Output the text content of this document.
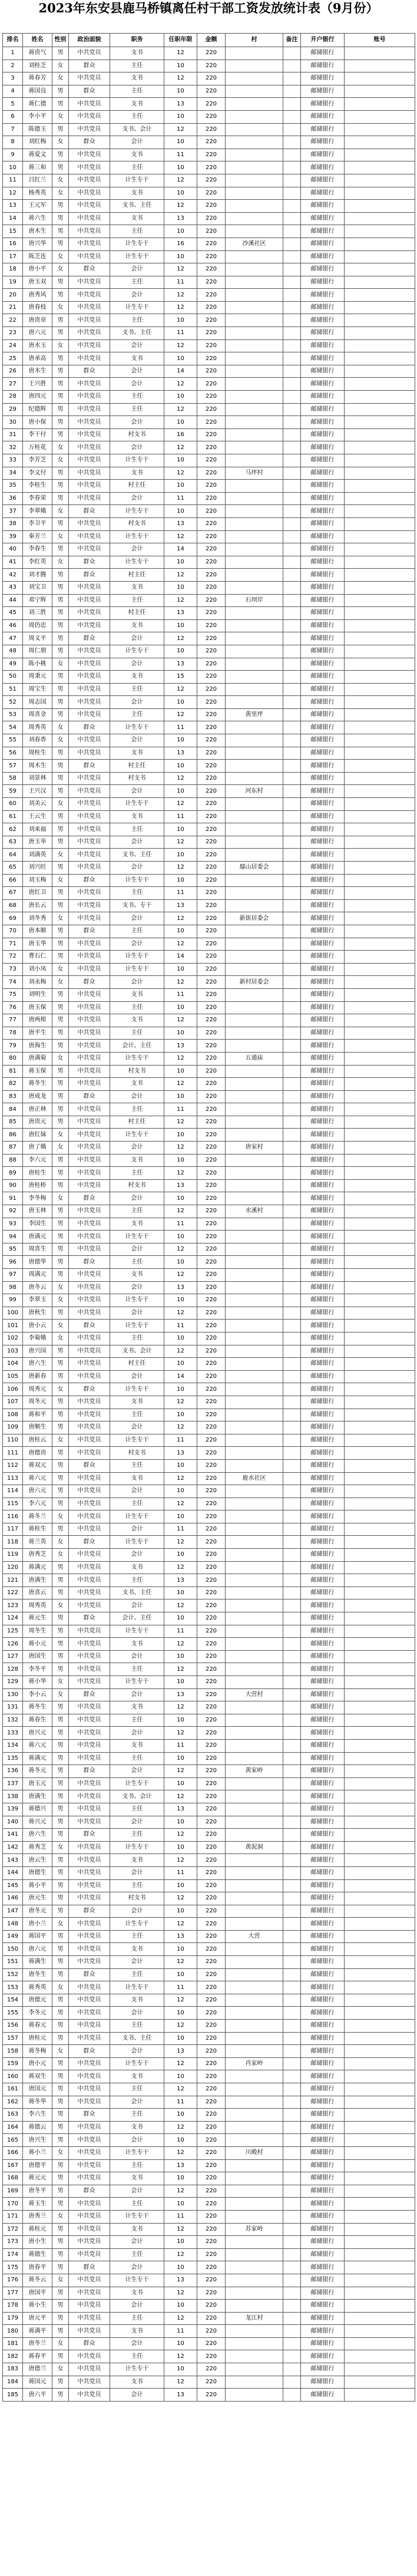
2023年东安县鹿马桥镇离任村干部工资发放统计表（9月份）
排名	姓名	性别	政治面貌	职务	任职年限	金额	村	备注	开户银行	账号
1	蒋贵气	男	中共党员	支书	12	220			邮储银行	
2	刘桂芝	女	群众	主任	10	220			邮储银行	
3	蒋春芳	女	中共党员	支书	12	220			邮储银行	
4	蒋国良	男	群众	主任	10	220			邮储银行	
5	蒋仁德	男	中共党员	支书	13	220			邮储银行	
6	李小平	女	中共党员	主任	10	220			邮储银行	
7	陈德玉	男	中共党员	支书、会计	12	220			邮储银行	
8	刘红梅	女	群众	会计	10	220			邮储银行	
9	蒋爱文	男	中共党员	支书	11	220			邮储银行	
10	蒋三和	男	中共党员	主任	10	220			邮储银行	
11	吕红兰	女	中共党员	计生专干	12	220			邮储银行	
12	杨秀英	女	中共党员	支书	10	220			邮储银行	
13	王元军	男	中共党员	支书、主任	12	220			邮储银行	
14	蒋六生	男	中共党员	支书	13	220			邮储银行	
15	唐木生	男	中共党员	主任	10	220			邮储银行	
16	唐兴华	男	中共党员	计生专干	16	220	沙溪社区		邮储银行	
17	陈芝连	女	中共党员	计生专干	10	220			邮储银行	
18	唐小平	女	群众	会计	12	220			邮储银行	
19	唐玉双	男	中共党员	主任	11	220			邮储银行	
20	唐秀风	男	中共党员	会计	12	220			邮储银行	
21	唐春枝	女	中共党员	计生专干	12	220			邮储银行	
22	唐贵章	男	中共党员	主任	10	220			邮储银行	
23	唐六元	男	中共党员	支书、主任	11	220			邮储银行	
24	唐水玉	女	中共党员	会计	12	220			邮储银行	
25	唐承高	男	中共党员	支书	10	220			邮储银行	
26	唐木生	男	群众	会计	14	220			邮储银行	
27	王兴胜	男	中共党员	会计	12	220			邮储银行	
28	唐四元	男	中共党员	主任	10	220			邮储银行	
29	纪德辉	男	中共党员	主任	12	220			邮储银行	
30	唐小保	男	中共党员	会计	10	220			邮储银行	
31	李干付	男	中共党员	村支书	16	220			邮储银行	
32	万桂花	女	中共党员	会计	12	220			邮储银行	
33	李芳芝	女	中共党员	计生专干	10	220			邮储银行	
34	李文付	男	中共党员	支书	12	220	马坪村		邮储银行	
35	李桂生	男	中共党员	村主任	10	220			邮储银行	
36	李春荣	男	中共党员	会计	11	220			邮储银行	
37	李翠娥	女	群众	计生专干	10	220			邮储银行	
38	李卫平	男	中共党员	村支书	13	220			邮储银行	
39	秦芳兰	女	中共党员	计生专干	12	220			邮储银行	
40	李春生	男	中共党员	会计	14	220			邮储银行	
41	李红英	女	群众	计生专干	10	220			邮储银行	
42	刘才腾	男	群众	村主任	12	220			邮储银行	
43	刘宝卫	男	中共党员	支书	10	220			邮储银行	
44	邓宁辉	男	中共党员	主任	12	220	石坝岸		邮储银行	
45	刘三胜	男	中共党员	村主任	13	220			邮储银行	
46	周仍忠	男	中共党员	支书	10	220			邮储银行	
47	周义平	男	群众	会计	12	220			邮储银行	
48	周仁朋	男	中共党员	计生专干	10	220			邮储银行	
49	陈小桃	女	中共党员	会计	13	220			邮储银行	
50	周秉元	男	中共党员	支书	15	220			邮储银行	
51	周宝生	男	中共党员	主任	12	220			邮储银行	
52	周志国	男	中共党员	会计	10	220			邮储银行	
53	周喜金	男	中共党员	主任	12	220	黄里坪		邮储银行	
54	周秀英	女	群众	计生专干	11	220			邮储银行	
55	刘春香	女	中共党员	会计	10	220			邮储银行	
56	周桂生	男	中共党员	支书	13	220			邮储银行	
57	周木生	男	群众	村主任	10	220			邮储银行	
58	刘景林	男	中共党员	村支书	12	220			邮储银行	
59	王兴汉	男	中共党员	会计	10	220	河东村		邮储银行	
60	刘美云	女	中共党员	计生专干	12	220			邮储银行	
61	王云生	男	中共党员	支书	11	220			邮储银行	
62	刘来福	男	中共党员	主任	10	220			邮储银行	
63	唐玉举	男	中共党员	会计	12	220			邮储银行	
64	刘满英	女	中共党员	支书、主任	10	220			邮储银行	
65	刘兴旺	男	中共党员	会计	12	220	鄢山居委会		邮储银行	
66	刘玉梅	女	群众	计生专干	10	220			邮储银行	
67	唐红卫	男	中共党员	主任	11	220			邮储银行	
68	唐长云	男	中共党员	支书、专干	13	220			邮储银行	
69	刘冬秀	女	中共党员	会计	12	220	新街居委会		邮储银行	
70	唐本顺	男	群众	主任	10	220			邮储银行	
71	唐玉华	男	中共党员	会计	12	220			邮储银行	
72	曹石仁	男	中共党员	计生专干	14	220			邮储银行	
73	刘小凤	女	中共党员	计生专干	10	220			邮储银行	
74	刘永梅	女	群众	会计	12	220	新村居委会		邮储银行	
75	刘明生	男	中共党员	支书	11	220			邮储银行	
76	唐玉保	男	中共党员	主任	10	220			邮储银行	
77	唐两根	男	中共党员	支书	12	220			邮储银行	
78	唐平生	男	中共党员	主任	10	220			邮储银行	
79	唐海生	男	中共党员	会计、主任	13	220			邮储银行	
80	唐满菊	女	中共党员	计生专干	12	220	五通庙		邮储银行	
81	蒋玉保	男	中共党员	村支书	10	220			邮储银行	
82	蒋冬生	男	中共党员	支书	12	220			邮储银行	
83	唐成龙	男	群众	会计	10	220			邮储银行	
84	唐正林	男	中共党员	主任	11	220			邮储银行	
85	唐贵元	男	中共党员	村主任	12	220			邮储银行	
86	唐红妹	女	中共党员	计生专干	10	220			邮储银行	
87	唐了娥	女	中共党员	会计	12	220	唐家村		邮储银行	
88	李六元	男	中共党员	支书	10	220			邮储银行	
89	唐桂生	男	中共党员	主任	12	220			邮储银行	
90	唐桂桥	男	中共党员	村支书	13	220			邮储银行	
91	李冬梅	女	群众	会计	10	220			邮储银行	
92	唐玉林	男	中共党员	主任	12	220	水溪村		邮储银行	
93	李国生	男	中共党员	支书	11	220			邮储银行	
94	唐满元	男	中共党员	计生专干	10	220			邮储银行	
95	周喜生	男	中共党员	会计	12	220			邮储银行	
96	唐德华	男	群众	主任	10	220			邮储银行	
97	周满元	男	中共党员	支书	12	220			邮储银行	
98	唐冬云	女	中共党员	会计	13	220			邮储银行	
99	李翠玉	女	中共党员	计生专干	10	220			邮储银行	
100	唐秋生	男	中共党员	会计	12	220			邮储银行	
101	唐小云	女	群众	计生专干	11	220			邮储银行	
102	李菊娥	女	中共党员	主任	10	220			邮储银行	
103	唐兴国	男	中共党员	支书、会计	12	220			邮储银行	
104	唐六生	男	中共党员	村主任	10	220			邮储银行	
105	唐新春	男	中共党员	会计	14	220			邮储银行	
106	周秀元	女	群众	计生专干	10	220			邮储银行	
107	周冬元	男	中共党员	支书	12	220			邮储银行	
108	蒋和平	男	中共党员	主任	10	220			邮储银行	
109	唐顺生	男	中共党员	会计	12	220			邮储银行	
110	唐桂云	女	中共党员	计生专干	11	220			邮储银行	
111	唐德贵	男	中共党员	村支书	13	220			邮储银行	
112	蒋双元	男	群众	主任	10	220			邮储银行	
113	蒋六元	男	中共党员	支书	12	220	鹿水社区		邮储银行	
114	唐六元	男	中共党员	会计	10	220			邮储银行	
115	李六元	男	中共党员	主任	12	220			邮储银行	
116	蒋冬兰	女	中共党员	计生专干	10	220			邮储银行	
117	蒋桂生	男	中共党员	会计	11	220			邮储银行	
118	蒋兰英	女	群众	计生专干	12	220			邮储银行	
119	唐秀芝	女	中共党员	会计	10	220			邮储银行	
120	蒋满元	男	中共党员	支书	12	220			邮储银行	
121	唐满生	男	中共党员	主任	13	220			邮储银行	
122	唐喜云	男	中共党员	支书、主任	10	220			邮储银行	
123	周秀英	女	中共党员	会计	12	220			邮储银行	
124	蒋元生	男	群众	会计、主任	10	220			邮储银行	
125	周冬生	男	中共党员	计生专干	11	220			邮储银行	
126	蒋小元	男	中共党员	支书	12	220			邮储银行	
127	唐国生	男	中共党员	会计	10	220			邮储银行	
128	李冬平	男	中共党员	主任	12	220			邮储银行	
129	蒋小华	女	中共党员	计生专干	10	220			邮储银行	
130	李小云	女	群众	会计	13	220	大营村		邮储银行	
131	蒋冬生	男	中共党员	支书	12	220			邮储银行	
132	蒋春生	男	中共党员	主任	10	220			邮储银行	
133	唐兴元	男	中共党员	会计	12	220			邮储银行	
134	蒋六元	男	中共党员	支书	11	220			邮储银行	
135	蒋满元	男	中共党员	主任	10	220			邮储银行	
136	蒋冬元	男	群众	会计	12	220	黄家岭		邮储银行	
137	唐玉元	男	中共党员	计生专干	10	220			邮储银行	
138	唐满生	男	中共党员	支书、会计	12	220			邮储银行	
139	蒋德兴	男	中共党员	主任	13	220			邮储银行	
140	蒋兴元	男	中共党员	会计	10	220			邮储银行	
141	唐六生	男	群众	主任	12	220			邮储银行	
142	蒋秀芝	女	中共党员	计生专干	10	220	黄泥洞		邮储银行	
143	唐云生	男	中共党员	支书	12	220			邮储银行	
144	唐德生	男	中共党员	会计	11	220			邮储银行	
145	蒋小平	男	中共党员	主任	10	220			邮储银行	
146	唐元生	男	中共党员	村支书	12	220			邮储银行	
147	唐冬元	男	群众	会计	10	220			邮储银行	
148	唐小兰	女	中共党员	计生专干	12	220			邮储银行	
149	蒋国平	男	中共党员	主任	13	220	大营		邮储银行	
150	唐六元	男	中共党员	支书	10	220			邮储银行	
151	蒋满生	男	中共党员	会计	12	220			邮储银行	
152	唐冬生	男	群众	主任	10	220			邮储银行	
153	蒋秀英	女	中共党员	计生专干	11	220			邮储银行	
154	唐德元	男	中共党员	支书	12	220			邮储银行	
155	李冬元	男	中共党员	会计	10	220			邮储银行	
156	蒋春元	男	中共党员	主任	12	220			邮储银行	
157	唐桂元	男	中共党员	支书、主任	10	220			邮储银行	
158	蒋冬梅	女	群众	会计	13	220			邮储银行	
159	唐小元	男	中共党员	计生专干	12	220	肖家岭		邮储银行	
160	蒋双生	男	中共党员	支书	10	220			邮储银行	
161	唐国元	男	中共党员	主任	12	220			邮储银行	
162	蒋冬华	男	中共党员	会计	11	220			邮储银行	
163	李六生	男	群众	主任	10	220			邮储银行	
164	蒋德云	男	中共党员	支书	12	220			邮储银行	
165	唐兴生	男	中共党员	会计	10	220			邮储银行	
166	蒋小兰	女	中共党员	计生专干	12	220	川殿村		邮储银行	
167	唐德平	男	中共党员	主任	13	220			邮储银行	
168	蒋元元	男	中共党员	支书	10	220			邮储银行	
169	唐冬平	男	群众	会计	12	220			邮储银行	
170	蒋玉生	男	中共党员	主任	10	220			邮储银行	
171	唐秀兰	女	中共党员	计生专干	11	220			邮储银行	
172	蒋桂元	男	中共党员	支书	12	220	苏家岭		邮储银行	
173	唐小生	男	中共党员	会计	10	220			邮储银行	
174	蒋德生	男	中共党员	主任	12	220			邮储银行	
175	唐春平	男	群众	会计	10	220			邮储银行	
176	蒋冬云	女	中共党员	计生专干	13	220			邮储银行	
177	唐国平	男	中共党员	支书	12	220			邮储银行	
178	蒋小生	男	中共党员	会计	10	220			邮储银行	
179	唐元平	男	中共党员	主任	12	220	龙江村		邮储银行	
180	蒋满平	男	中共党员	支书	11	220			邮储银行	
181	唐冬兰	女	群众	会计	10	220			邮储银行	
182	蒋春平	男	中共党员	主任	12	220			邮储银行	
183	唐德兰	女	中共党员	计生专干	10	220			邮储银行	
184	蒋国元	男	中共党员	支书	12	220			邮储银行	
185	唐六平	男	中共党员	会计	13	220			邮储银行	
